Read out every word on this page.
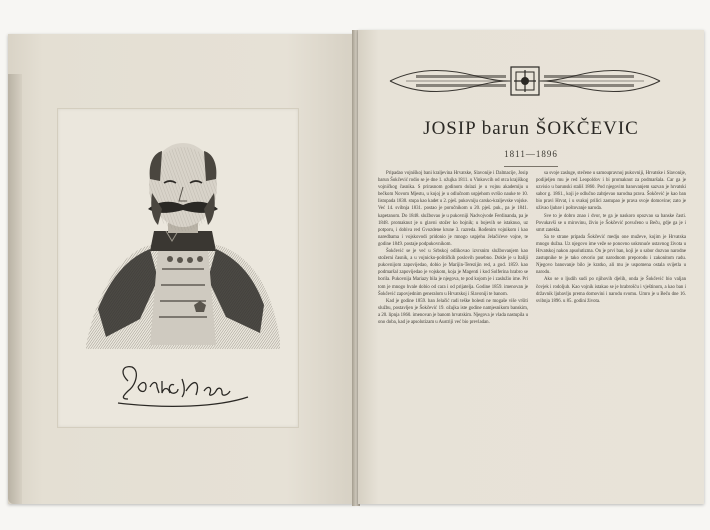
JOSIP barun ŠOKČEVIC
1811—1896

Pripadao vojniškoj bani kraljevina Hrvatske, Slavonije i Dalmacije, Josip barun Šokčević rodio se je dne 1. ožujka 1811. u Vinkovcih od otca krajiškog vojničkog časnika. S prirasnom godinom dolazi je u vojnu akademiju u bečkom Novom Mjestu, u kojoj je u odlučnom uspjehom svršio nauke te 10. listopada 1830. stupa kao kadet u 2. pješ. pukovniju carsko-kraljevske vojske. Već 14. svibnja 1831. postao je poručnikom u 20. pješ. puk., pa je 1841. kapetanom. Do 1848. službovao je u pukovniji Nadvojvode Ferdinanda, pa je 1848. promaknut je u glavni stožer ko bojnik; u bojevih se istaknuo, uz potporu, i dobiva red Gvozdene krune 3. razreda. Rođenim vojnikom i kao naredbama i vojskovodi pridonio je mnogo uspjehu Jelačićeve vojne, te godine 1849. postaje podpukovnikom.

Šokčević se je već u Srbskoj odlikovao izvrsnim službovanjem kao stožerni časnik, a u vojnicko-političkih poslovih posebno. Dokle je u Italiji pukovnijom zapovijedao, dobio je Marijin-Terezijin red, a god. 1859. kao podmaršal zapovijedao je vojskom, koja je Magenti i kod Solferina hrabro se borila. Pukovnija Mariazy bila je njegova, te pod kojom je i zaslužio ime. Pri tom je mnogo hvale dobio od cara i od prijatelja. Godine 1859. imenovan je Šokčević zapovjednim generalom u Hrvatskoj i Slavoniji te banom.

Kad je godine 1859. ban Jelačić radi teške bolesti ne mogaše više vršiti službu, postavljen je Šokčević 19. ožujka iste godine namjesnikom banskim, a 20. lipnja 1860. imenovan je banom hrvatskim. Njegova je vlada nastupila u ono doba, kad je apsolutizam u Austriji već bio prevladan.

sa svoje zasluge, stečene u samoupravnoj pukovniji, Hrvatske i Slavonije, podijeljen mu je red Leopoldov i bi promaknut za podmaršala. Car ga je uzvisio u barunski stališ 1860. Pod njegovim banovanjem sazvan je hrvatski sabor g. 1861., koji je odlučno zahtjevao narodna prava. Šokčević je kao ban bio pravi Hrvat, i u svakoj prilici zastupao je prava svoje domovine; zato je uživao ljubav i poštovanje naroda.

Sve to je dobro znao i dvor, te ga je naskoro opozvao sa banske časti. Povukavši se u mirovinu, živio je Šokčević povučeno u Beču, gdje ga je i smrt zatekla.

Sa te strane pripada Šokčević medju one muževe, kojim je Hrvatska mnogo dužna. Uz njegovo ime veže se ponovno uskrsnuće ustavnog života u Hrvatskoj nakon apsolutizma. On je prvi ban, koji je u sabor dozvao narodne zastupnike te je tako otvorio put narodnom preporodu i zakonitom radu. Njegovo banovanje bilo je kratko, ali mu je uspomena ostala svijetla u narodu.

Ako se o ljudih sudi po njihovih djelih, onda je Šokčević bio valjan čovjek i rodoljub. Kao vojnik istakao se je hrabrošću i vještinom, a kao ban i državnik ljubavlju prema domovini i narodu svomu. Umro je u Beču dne 16. svibnja 1896. u 85. godini života.
